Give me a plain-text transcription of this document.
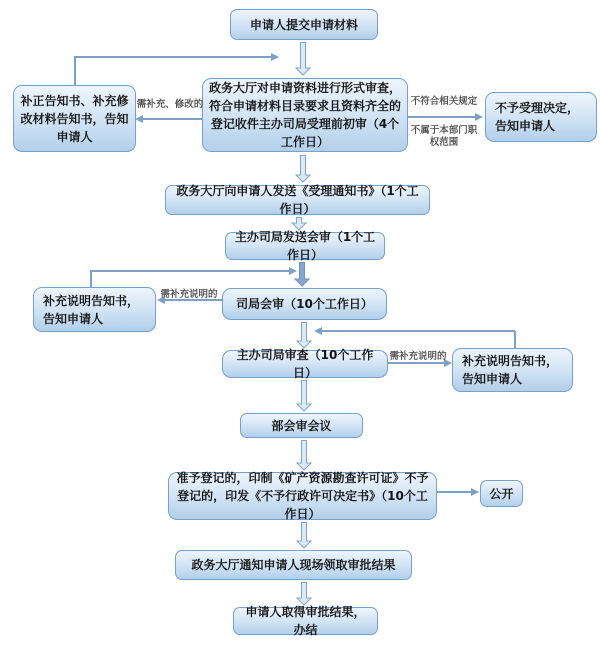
申请人提交申请材料
政务大厅对申请资料进行形式审查，符合申请材料目录要求且资料齐全的登记收件主办司局受理前初审（4个工作日）
补正告知书、补充修改材料告知书，告知申请人
不予受理决定，告知申请人
政务大厅向申请人发送《受理通知书》（1个工作日）
主办司局发送会审（1个工作日）
补充说明告知书，告知申请人
司局会审（10个工作日）
主办司局审查（10个工作日）
补充说明告知书，告知申请人
部会审会议
准予登记的，印制《矿产资源勘查许可证》不予登记的，印发《不予行政许可决定书》（10个工作日）
公开
政务大厅通知申请人现场领取审批结果
申请人取得审批结果，办结
需补充、修改的	不符合相关规定
不属于本部门职权范围
需补充说明的
需补充说明的
